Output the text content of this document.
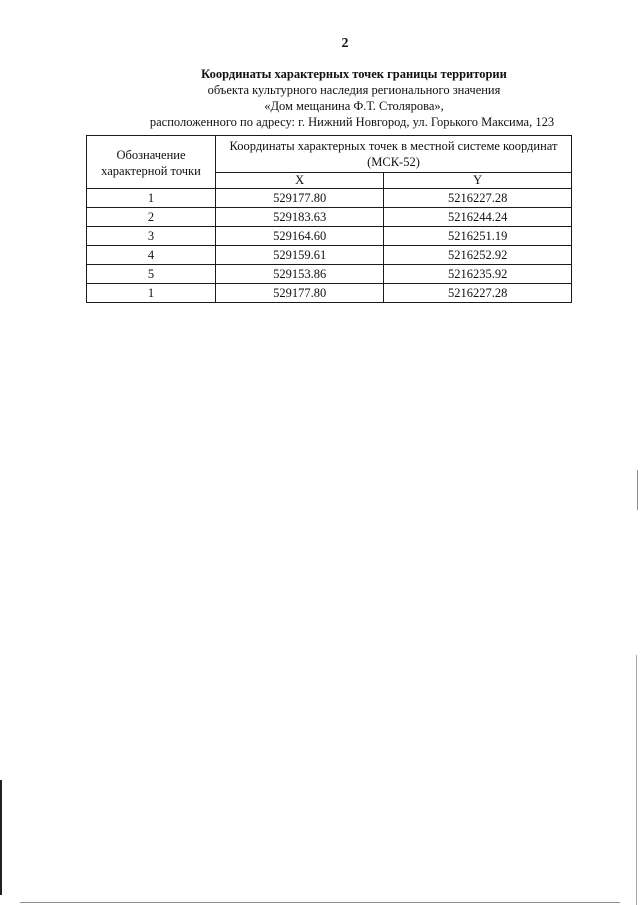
2
Координаты характерных точек границы территории
объекта культурного наследия регионального значения
«Дом мещанина Ф.Т. Столярова»,
расположенного по адресу: г. Нижний Новгород, ул. Горького Максима, 123
Обозначение характерной точки	Координаты характерных точек в местной системе координат (МСК-52)	
	X	Y
1	529177.80	5216227.28
2	529183.63	5216244.24
3	529164.60	5216251.19
4	529159.61	5216252.92
5	529153.86	5216235.92
1	529177.80	5216227.28
